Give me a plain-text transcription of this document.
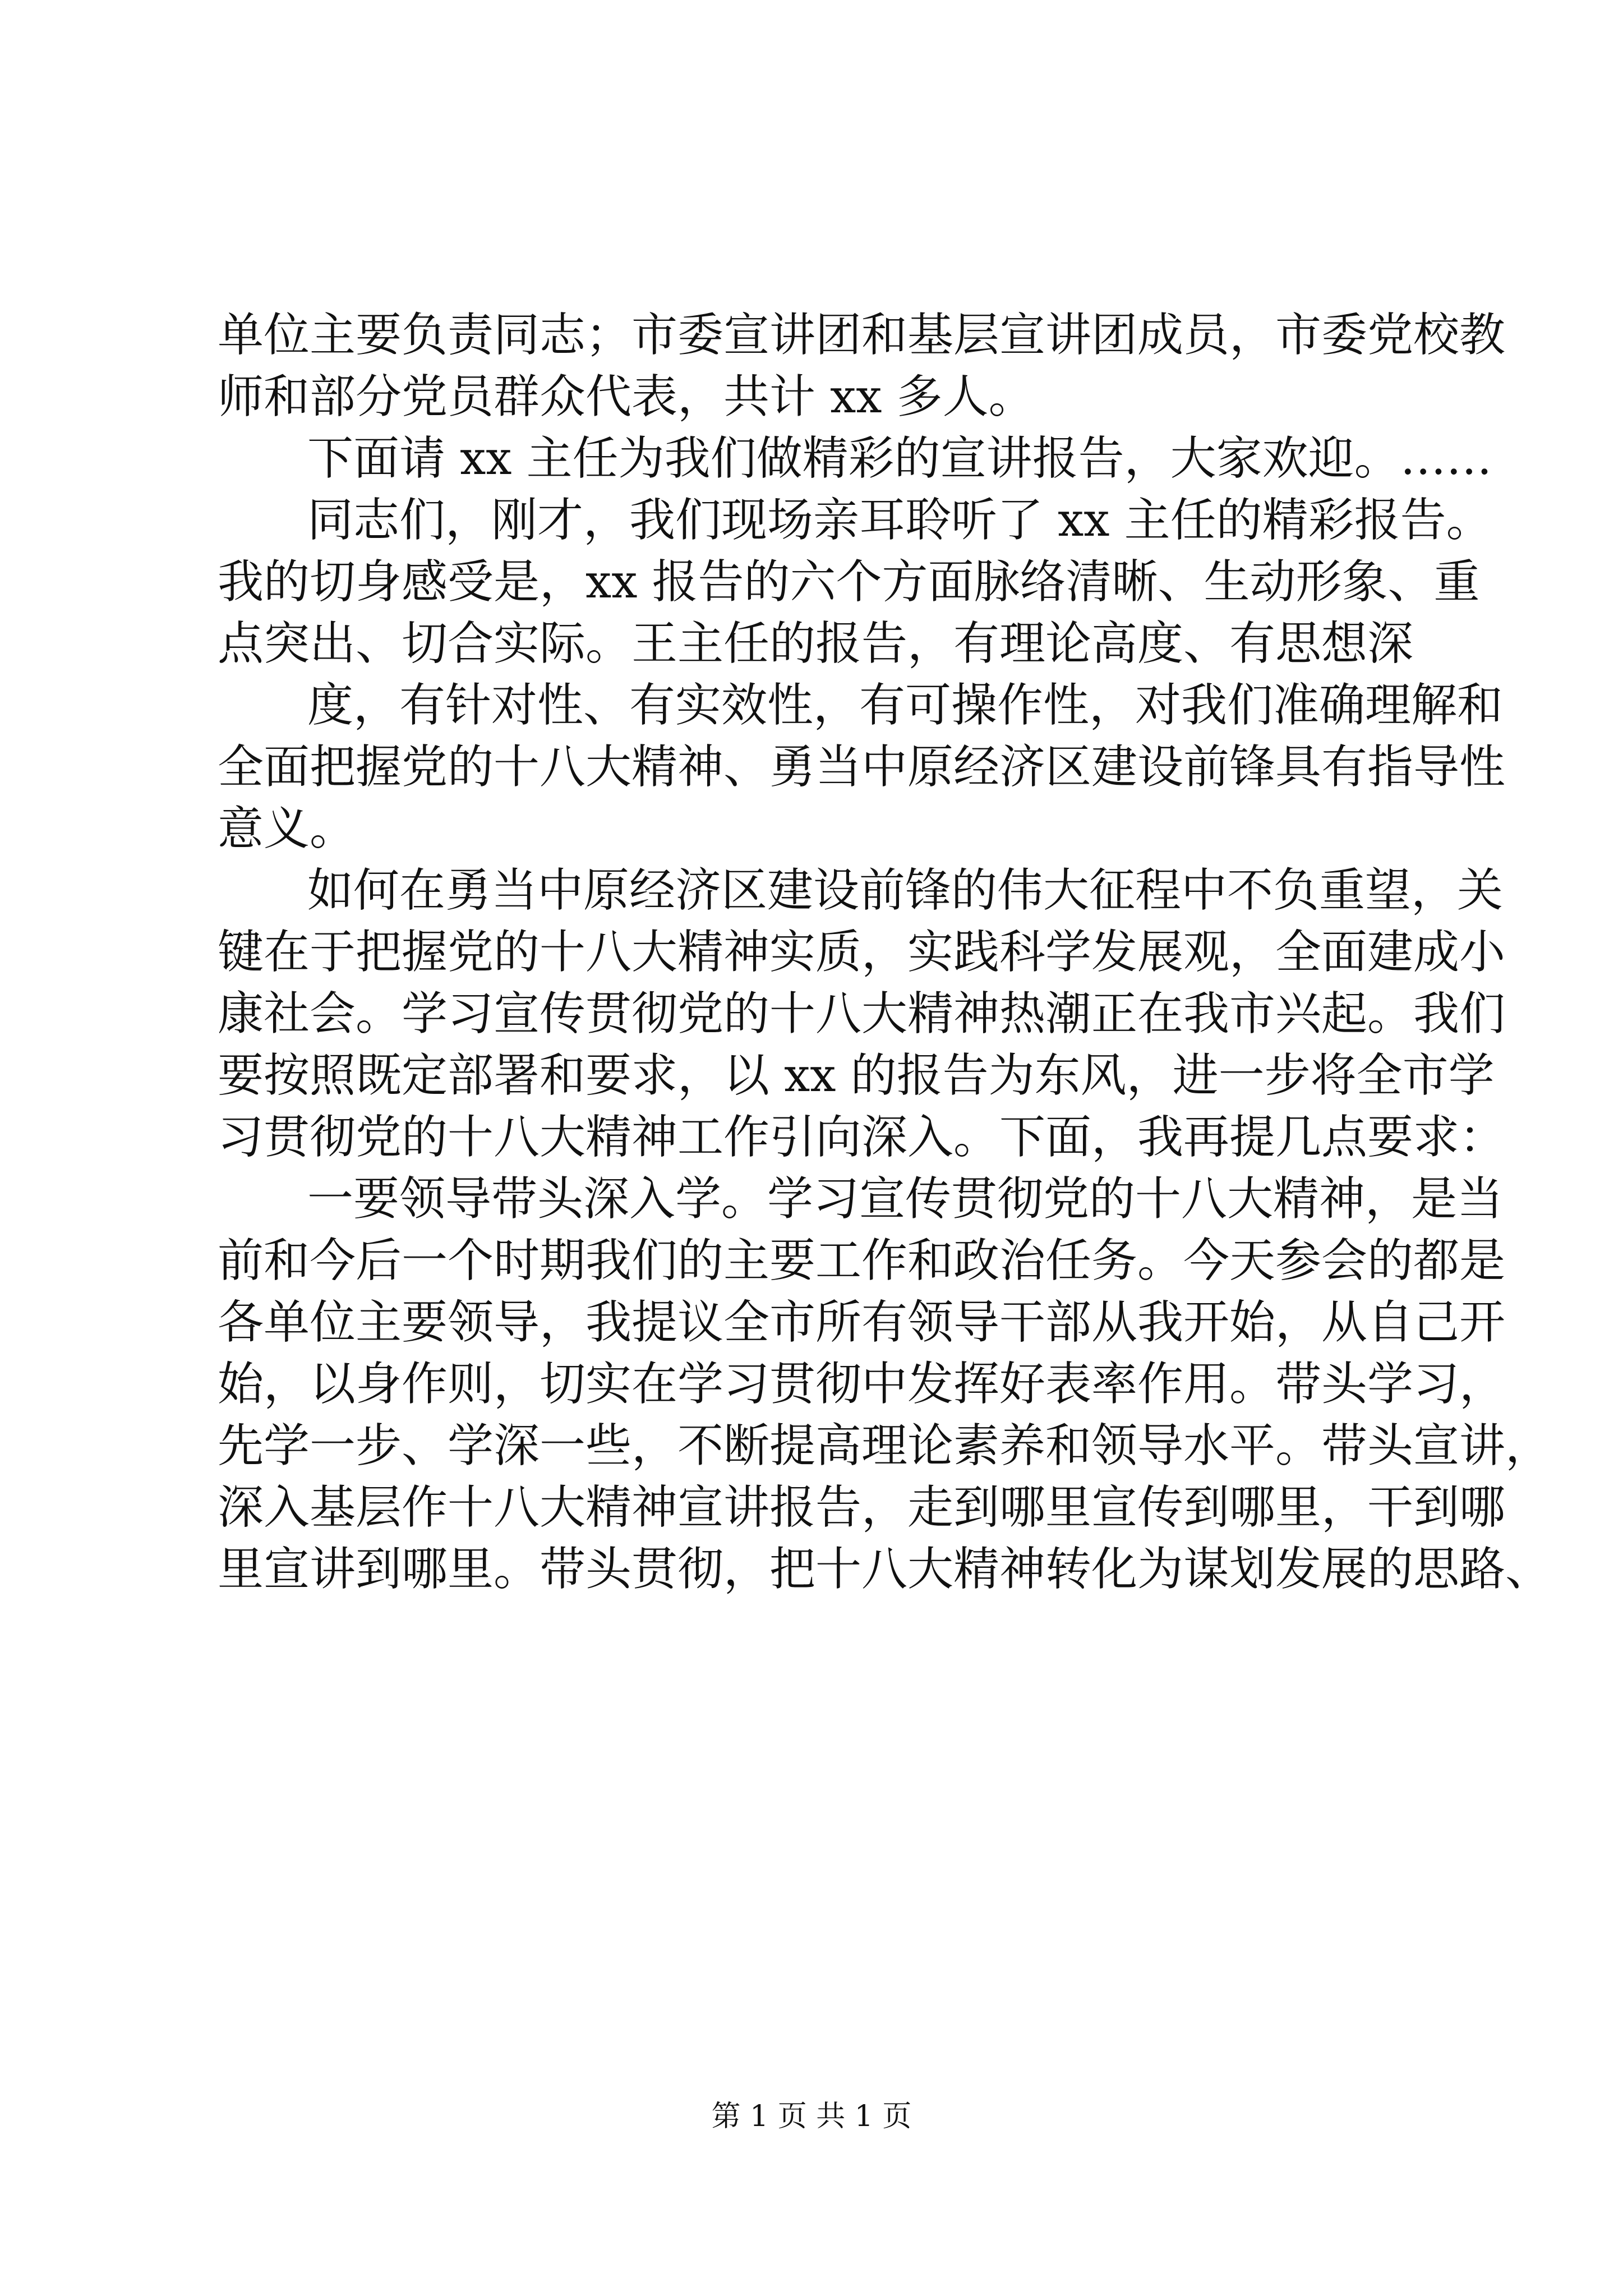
单位主要负责同志；市委宣讲团和基层宣讲团成员，市委党校教
师和部分党员群众代表，共计 xx 多人。
下面请 xx 主任为我们做精彩的宣讲报告，大家欢迎。……
同志们，刚才，我们现场亲耳聆听了 xx 主任的精彩报告。
我的切身感受是，xx 报告的六个方面脉络清晰、生动形象、重
点突出、切合实际。王主任的报告，有理论高度、有思想深
度，有针对性、有实效性，有可操作性，对我们准确理解和
全面把握党的十八大精神、勇当中原经济区建设前锋具有指导性
意义。
如何在勇当中原经济区建设前锋的伟大征程中不负重望，关
键在于把握党的十八大精神实质，实践科学发展观，全面建成小
康社会。学习宣传贯彻党的十八大精神热潮正在我市兴起。我们
要按照既定部署和要求，以 xx 的报告为东风，进一步将全市学
习贯彻党的十八大精神工作引向深入。下面，我再提几点要求：
一要领导带头深入学。学习宣传贯彻党的十八大精神，是当
前和今后一个时期我们的主要工作和政治任务。今天参会的都是
各单位主要领导，我提议全市所有领导干部从我开始，从自己开
始，以身作则，切实在学习贯彻中发挥好表率作用。带头学习，
先学一步、学深一些，不断提高理论素养和领导水平。带头宣讲，
深入基层作十八大精神宣讲报告，走到哪里宣传到哪里，干到哪
里宣讲到哪里。带头贯彻，把十八大精神转化为谋划发展的思路、
第 1 页 共 1 页
